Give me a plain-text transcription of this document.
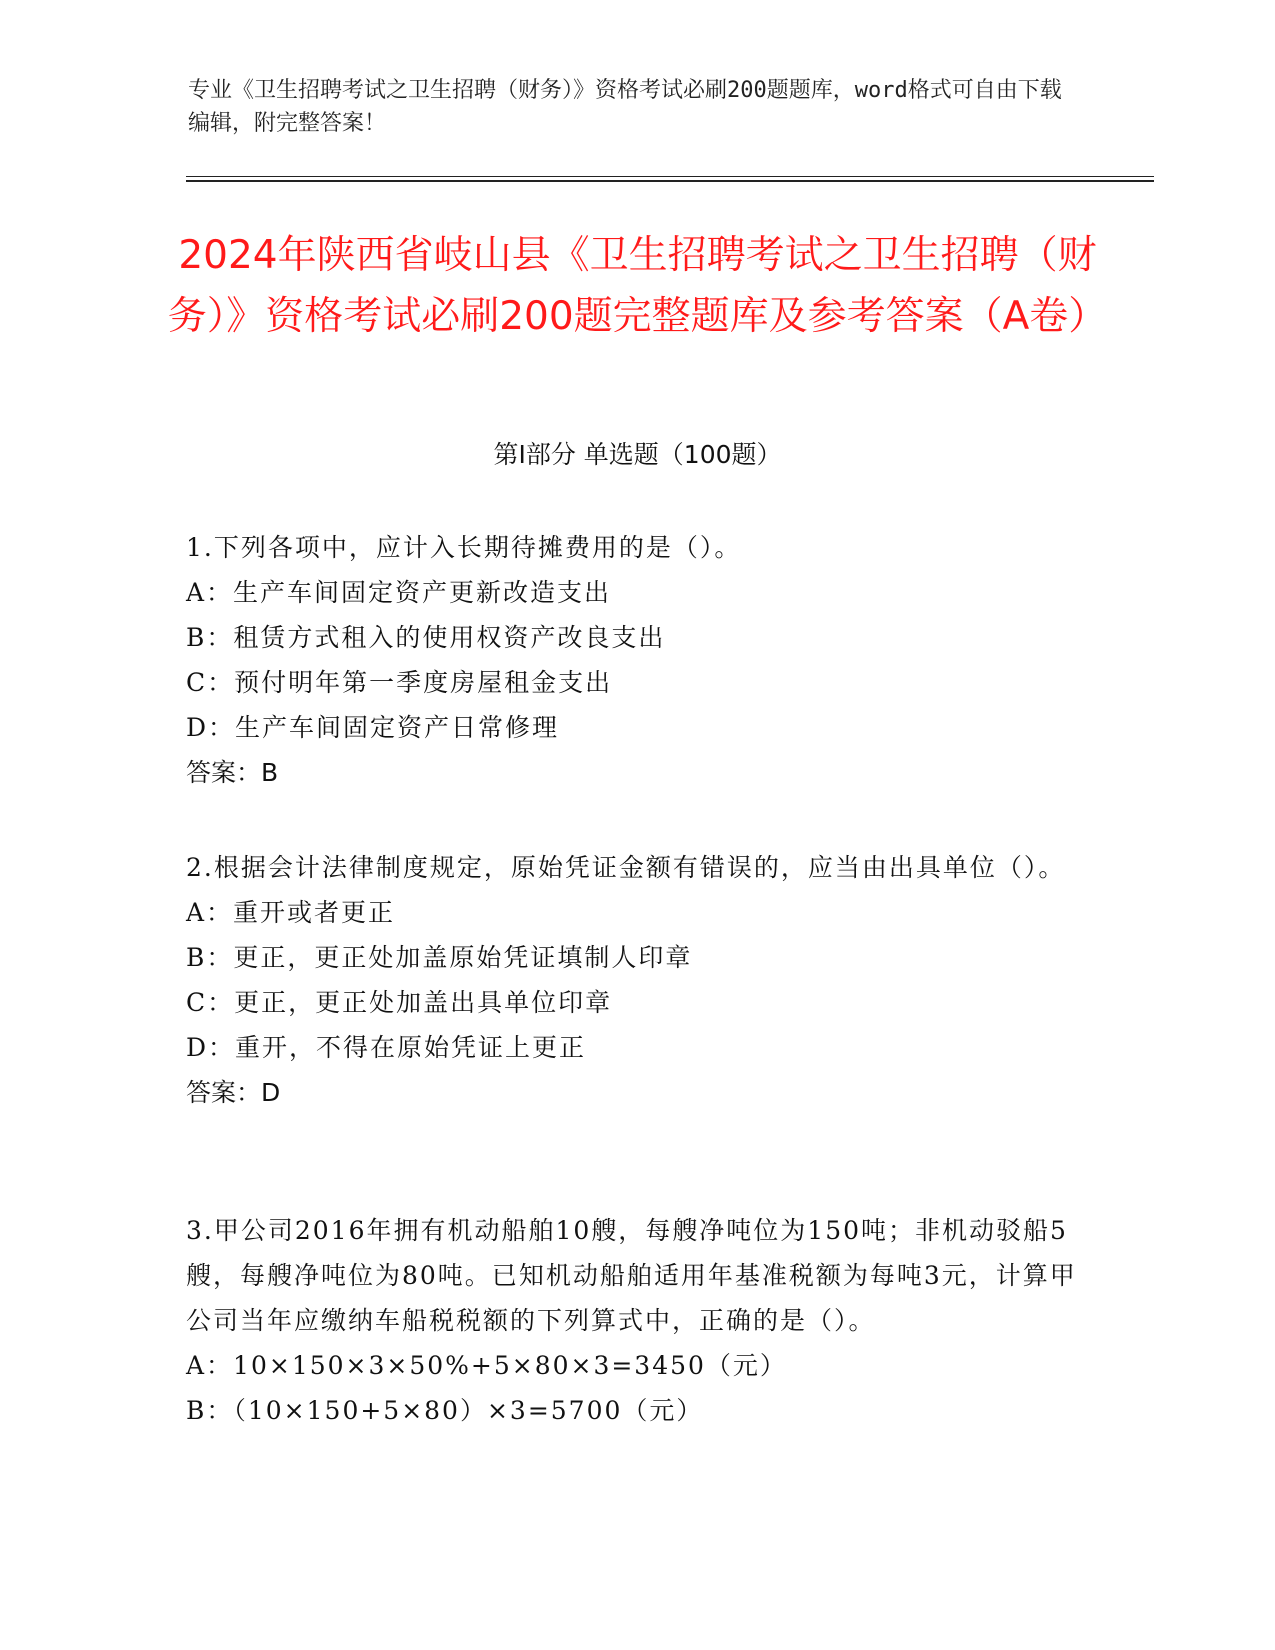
专业《卫生招聘考试之卫生招聘（财务）》资格考试必刷200题题库，word格式可自由下载编辑，附完整答案！
2024年陕西省岐山县《卫生招聘考试之卫生招聘（财务）》资格考试必刷200题完整题库及参考答案（A卷）
第Ⅰ部分 单选题（100题）
1.下列各项中，应计入长期待摊费用的是（）。
A：生产车间固定资产更新改造支出
B：租赁方式租入的使用权资产改良支出
C：预付明年第一季度房屋租金支出
D：生产车间固定资产日常修理
答案：B
2.根据会计法律制度规定，原始凭证金额有错误的，应当由出具单位（）。
A：重开或者更正
B：更正，更正处加盖原始凭证填制人印章
C：更正，更正处加盖出具单位印章
D：重开，不得在原始凭证上更正
答案：D
3.甲公司2016年拥有机动船舶10艘，每艘净吨位为150吨；非机动驳船5艘，每艘净吨位为80吨。已知机动船舶适用年基准税额为每吨3元，计算甲公司当年应缴纳车船税税额的下列算式中，正确的是（）。
A：10×150×3×50%+5×80×3=3450（元）
B：（10×150+5×80）×3=5700（元）
